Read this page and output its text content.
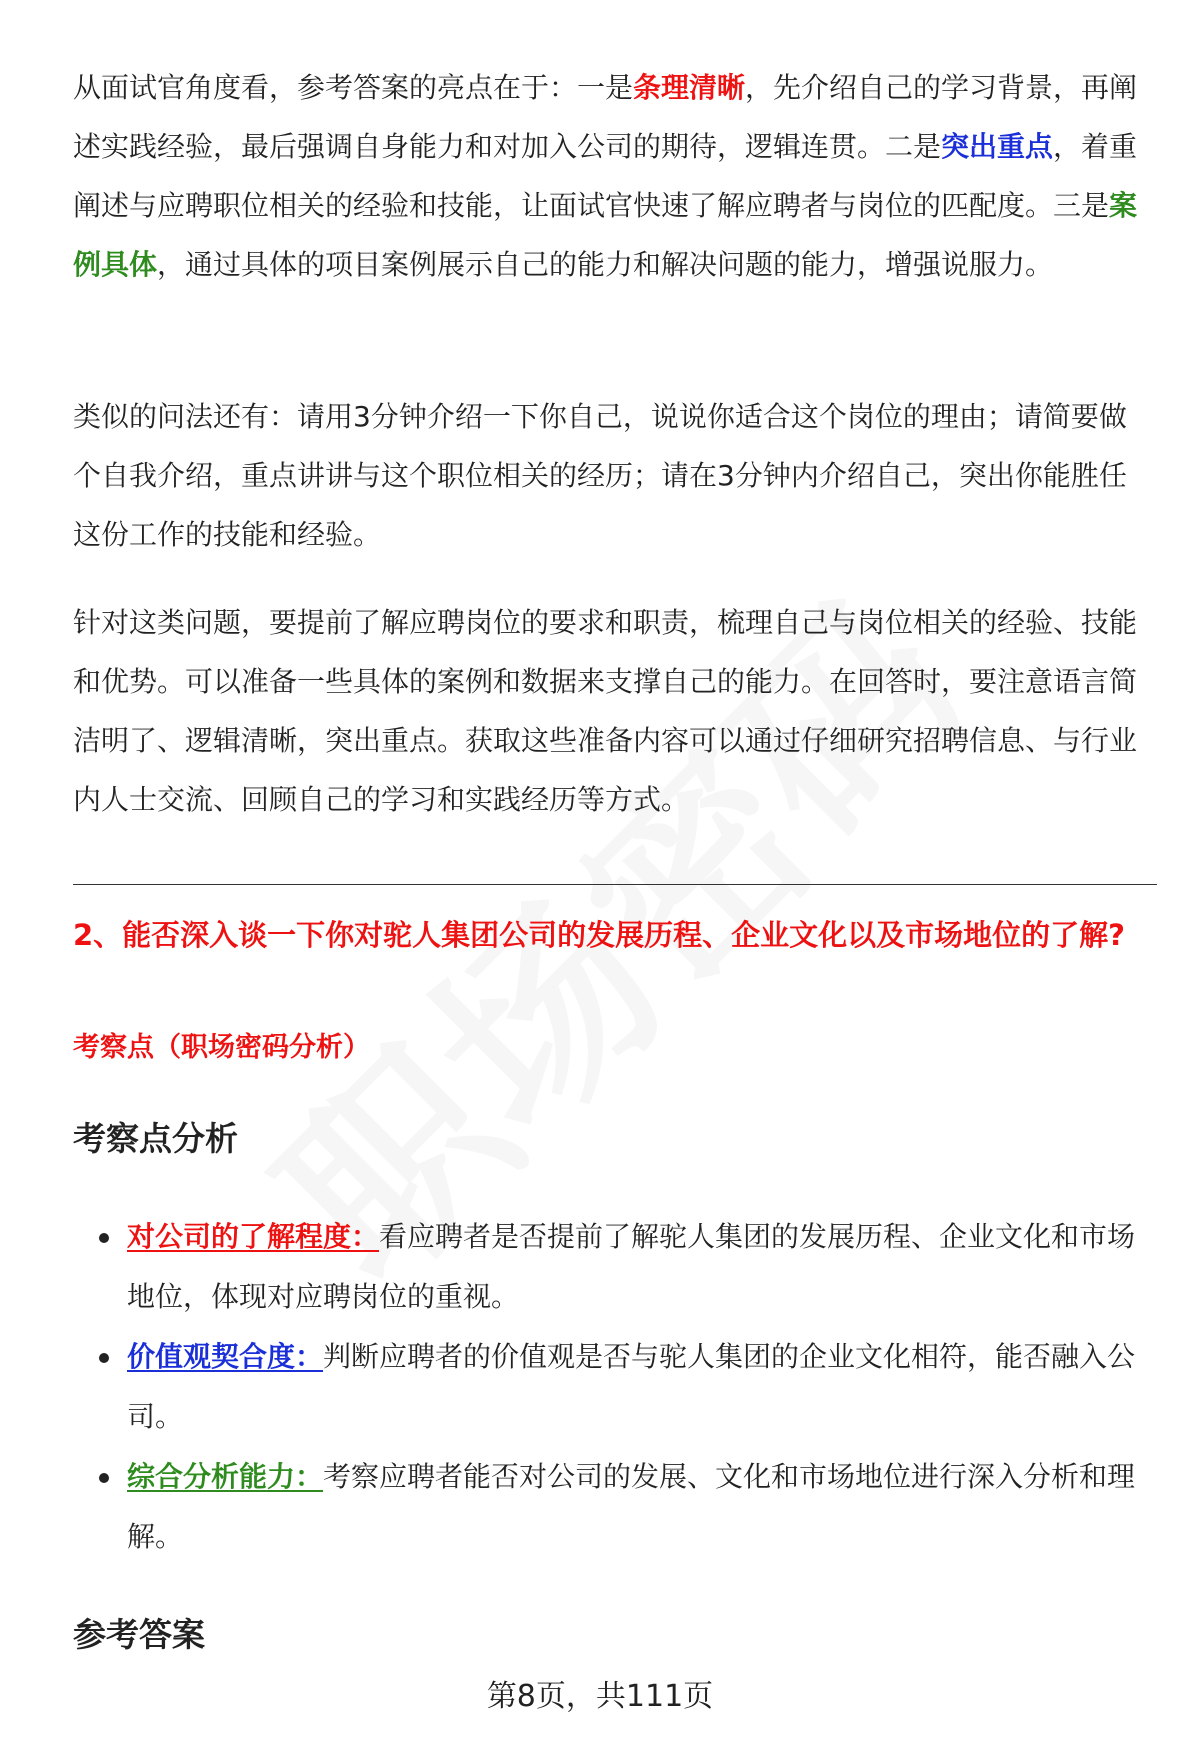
从面试官角度看，参考答案的亮点在于：一是条理清晰，先介绍自己的学习背景，再阐述实践经验，最后强调自身能力和对加入公司的期待，逻辑连贯。二是突出重点，着重阐述与应聘职位相关的经验和技能，让面试官快速了解应聘者与岗位的匹配度。三是案例具体，通过具体的项目案例展示自己的能力和解决问题的能力，增强说服力。

类似的问法还有：请用3分钟介绍一下你自己，说说你适合这个岗位的理由；请简要做个自我介绍，重点讲讲与这个职位相关的经历；请在3分钟内介绍自己，突出你能胜任这份工作的技能和经验。

针对这类问题，要提前了解应聘岗位的要求和职责，梳理自己与岗位相关的经验、技能和优势。可以准备一些具体的案例和数据来支撑自己的能力。在回答时，要注意语言简洁明了、逻辑清晰，突出重点。获取这些准备内容可以通过仔细研究招聘信息、与行业内人士交流、回顾自己的学习和实践经历等方式。

2、能否深入谈一下你对驼人集团公司的发展历程、企业文化以及市场地位的了解?
考察点（职场密码分析）
考察点分析
对公司的了解程度：看应聘者是否提前了解驼人集团的发展历程、企业文化和市场地位，体现对应聘岗位的重视。
价值观契合度：判断应聘者的价值观是否与驼人集团的企业文化相符，能否融入公司。
综合分析能力：考察应聘者能否对公司的发展、文化和市场地位进行深入分析和理解。
参考答案
第8页，共111页
